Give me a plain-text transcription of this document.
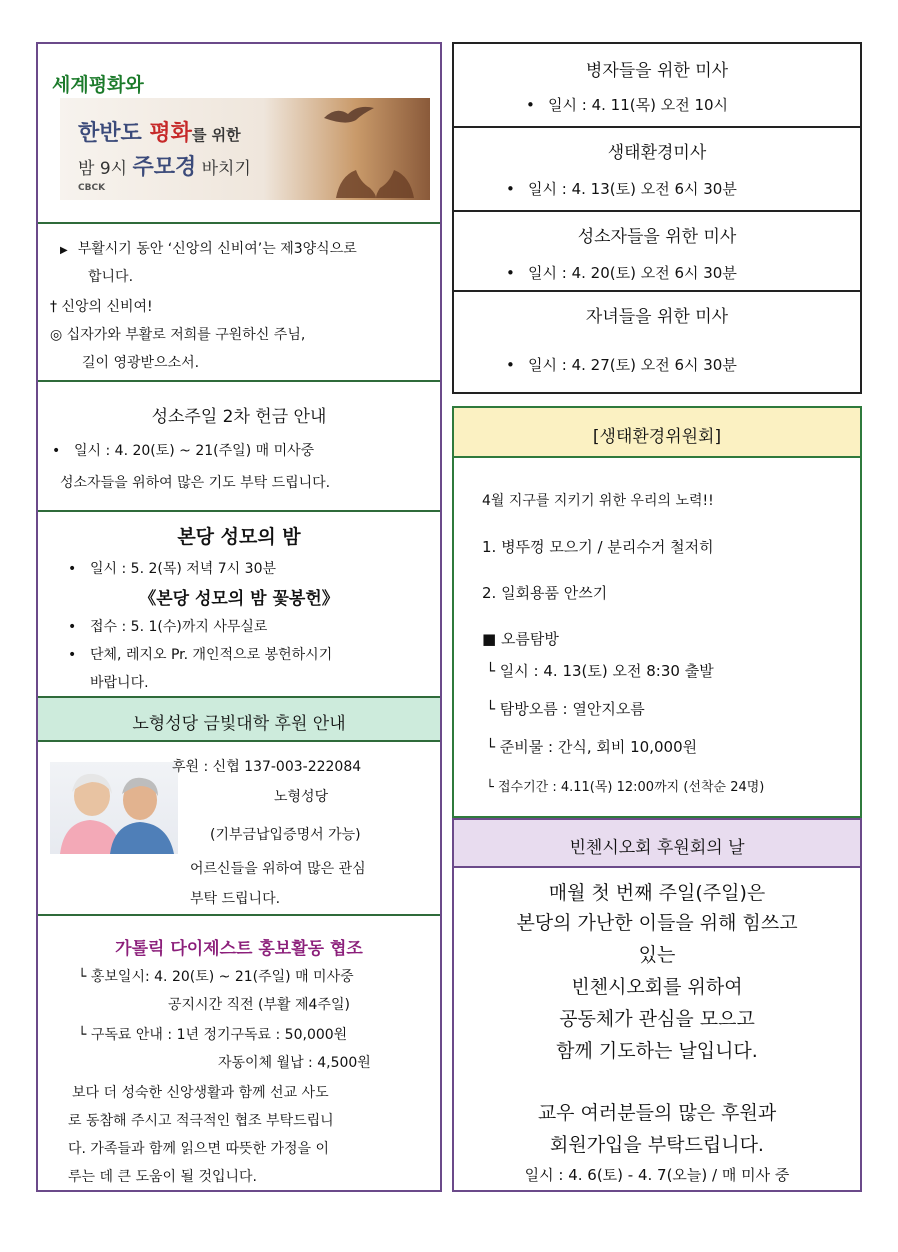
세계평화와
한반도 평화를 위한
밤 9시 주모경 바치기
CBCK
▶ 부활시기 동안 ‘신앙의 신비여’는 제3양식으로
합니다.
† 신앙의 신비여!
◎ 십자가와 부활로 저희를 구원하신 주님,
길이 영광받으소서.
성소주일 2차 헌금 안내
• 일시 : 4. 20(토) ~ 21(주일) 매 미사중
성소자들을 위하여 많은 기도 부탁 드립니다.
본당 성모의 밤
• 일시 : 5. 2(목) 저녁 7시 30분
《본당 성모의 밤 꽃봉헌》
• 접수 : 5. 1(수)까지 사무실로
• 단체, 레지오 Pr. 개인적으로 봉헌하시기
바랍니다.
노형성당 금빛대학 후원 안내
후원 : 신협 137-003-222084
노형성당
(기부금납입증명서 가능)
어르신들을 위하여 많은 관심
부탁 드립니다.
가톨릭 다이제스트 홍보활동 협조
└ 홍보일시: 4. 20(토) ~ 21(주일) 매 미사중
공지시간 직전 (부활 제4주일)
└ 구독료 안내 : 1년 정기구독료 : 50,000원
자동이체 월납 : 4,500원
보다 더 성숙한 신앙생활과 함께 선교 사도
로 동참해 주시고 적극적인 협조 부탁드립니
다. 가족들과 함께 읽으면 따뜻한 가정을 이
루는 데 큰 도움이 될 것입니다.
병자들을 위한 미사
• 일시 : 4. 11(목) 오전 10시
생태환경미사
• 일시 : 4. 13(토) 오전 6시 30분
성소자들을 위한 미사
• 일시 : 4. 20(토) 오전 6시 30분
자녀들을 위한 미사
• 일시 : 4. 27(토) 오전 6시 30분
[생태환경위원회]
4월 지구를 지키기 위한 우리의 노력!!
1. 병뚜껑 모으기 / 분리수거 철저히
2. 일회용품 안쓰기
■ 오름탐방
└ 일시 : 4. 13(토) 오전 8:30 출발
└ 탐방오름 : 열안지오름
└ 준비물 : 간식, 회비 10,000원
└ 접수기간 : 4.11(목) 12:00까지 (선착순 24명)
빈첸시오회 후원회의 날
매월 첫 번째 주일(주일)은
본당의 가난한 이들을 위해 힘쓰고
있는
빈첸시오회를 위하여
공동체가 관심을 모으고
함께 기도하는 날입니다.
교우 여러분들의 많은 후원과
회원가입을 부탁드립니다.
일시 : 4. 6(토) - 4. 7(오늘) / 매 미사 중
